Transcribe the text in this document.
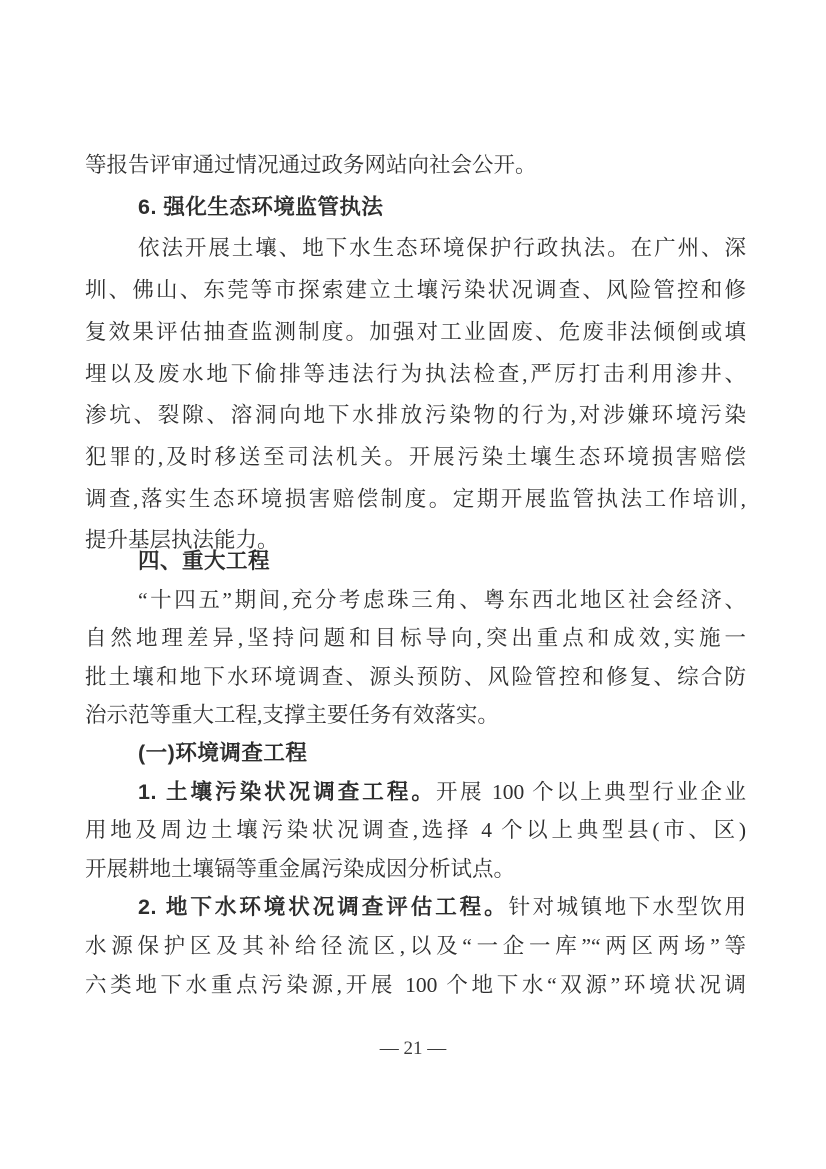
等报告评审通过情况通过政务网站向社会公开。
6. 强化生态环境监管执法
依法开展土壤、地下水生态环境保护行政执法。在广州、深
圳、佛山、东莞等市探索建立土壤污染状况调查、风险管控和修
复效果评估抽查监测制度。加强对工业固废、危废非法倾倒或填
埋以及废水地下偷排等违法行为执法检查,严厉打击利用渗井、
渗坑、裂隙、溶洞向地下水排放污染物的行为,对涉嫌环境污染
犯罪的,及时移送至司法机关。开展污染土壤生态环境损害赔偿
调查,落实生态环境损害赔偿制度。定期开展监管执法工作培训,
提升基层执法能力。
四、重大工程
“十四五”期间,充分考虑珠三角、粤东西北地区社会经济、
自然地理差异,坚持问题和目标导向,突出重点和成效,实施一
批土壤和地下水环境调查、源头预防、风险管控和修复、综合防
治示范等重大工程,支撑主要任务有效落实。
(一)环境调查工程
1. 土壤污染状况调查工程。开展 100 个以上典型行业企业
用地及周边土壤污染状况调查,选择 4 个以上典型县(市、区)
开展耕地土壤镉等重金属污染成因分析试点。
2. 地下水环境状况调查评估工程。针对城镇地下水型饮用
水源保护区及其补给径流区,以及“一企一库”“两区两场”等
六类地下水重点污染源,开展 100 个地下水“双源”环境状况调
— 21 —
